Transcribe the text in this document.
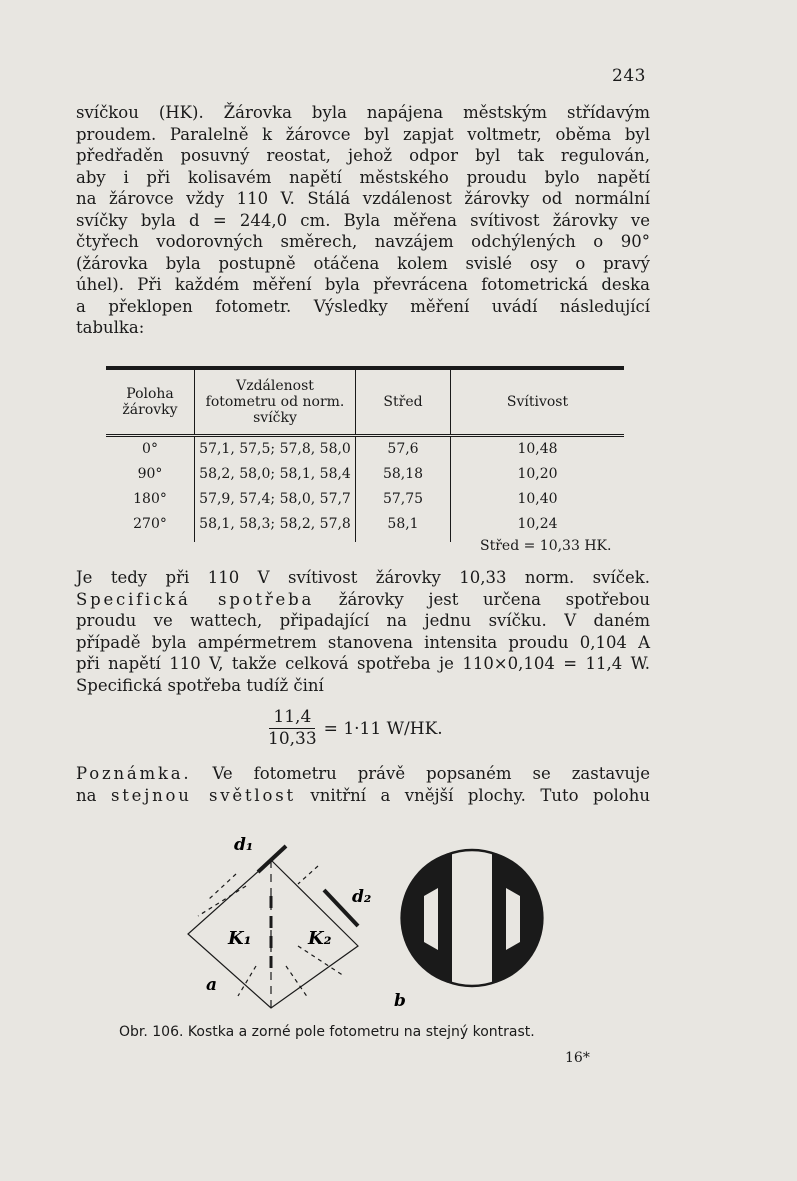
243

svíčkou (HK). Žárovka byla napájena městským střídavým
proudem. Paralelně k žárovce byl zapjat voltmetr, oběma byl
předřaděn posuvný reostat, jehož odpor byl tak regulován,
aby i při kolisavém napětí městského proudu bylo napětí
na žárovce vždy 110 V. Stálá vzdálenost žárovky od normální
svíčky byla d = 244,0 cm. Byla měřena svítivost žárovky ve
čtyřech vodorovných směrech, navzájem odchýlených o 90°
(žárovka byla postupně otáčena kolem svislé osy o pravý
úhel). Při každém měření byla převrácena fotometrická deska
a překlopen fotometr. Výsledky měření uvádí následující
tabulka:

Poloha žárovky	Vzdálenost fotometru od norm. svíčky	Střed	Svítivost
0°	57,1, 57,5; 57,8, 58,0	57,6	10,48
90°	58,2, 58,0; 58,1, 58,4	58,18	10,20
180°	57,9, 57,4; 58,0, 57,7	57,75	10,40
270°	58,1, 58,3; 58,2, 57,8	58,1	10,24
Střed = 10,33 HK.
Je tedy při 110 V svítivost žárovky 10,33 norm. svíček.
Specifická spotřeba žárovky jest určena spotřebou
proudu ve wattech, připadající na jednu svíčku. V daném
případě byla ampérmetrem stanovena intensita proudu 0,104 A
při napětí 110 V, takže celková spotřeba je 110×0,104 = 11,4 W.
Specifická spotřeba tudíž činí
$\frac{11,4}{10,33} = 1\cdot 11$ W/HK.
Poznámka. Ve fotometru právě popsaném se zastavuje
na stejnou světlost vnitřní a vnější plochy. Tuto polohu
d₁
d₂
K₁	K₂
a
b
Obr. 106. Kostka a zorné pole fotometru na stejný kontrast.
16*
